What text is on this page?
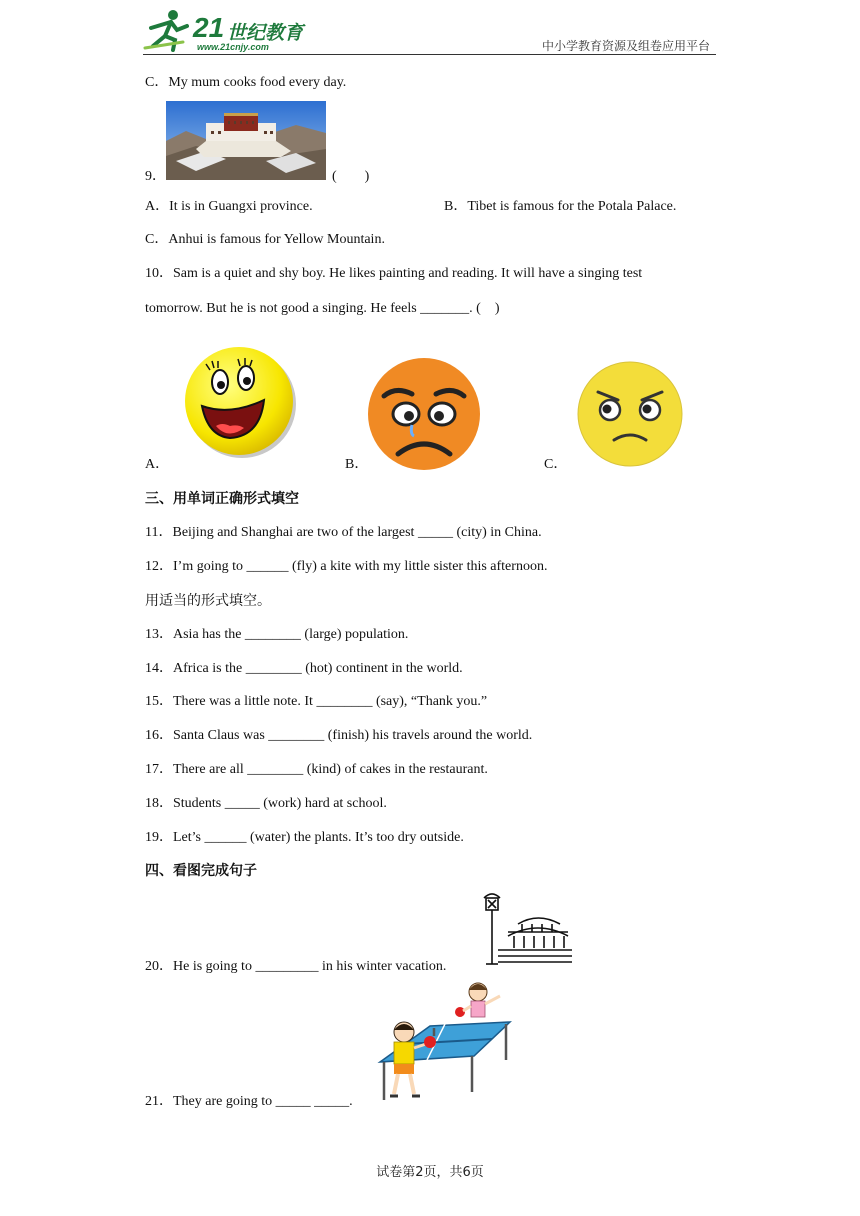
21 世纪教育
www.21cnjy.com	中小学教育资源及组卷应用平台
C．My mum cooks food every day.
9．	(　　)
A．It is in Guangxi province.	B．Tibet is famous for the Potala Palace.
C．Anhui is famous for Yellow Mountain.
10．Sam is a quiet and shy boy. He likes painting and reading. It will have a singing test
tomorrow. But he is not good a singing. He feels _______. (　)
A．	B．	C．
三、用单词正确形式填空
11．Beijing and Shanghai are two of the largest _____ (city) in China.
12．I’m going to ______ (fly) a kite with my little sister this afternoon.
用适当的形式填空。
13．Asia has the ________ (large) population.
14．Africa is the ________ (hot) continent in the world.
15．There was a little note. It ________ (say), “Thank you.”
16．Santa Claus was ________ (finish) his travels around the world.
17．There are all ________ (kind) of cakes in the restaurant.
18．Students _____ (work) hard at school.
19．Let’s ______ (water) the plants. It’s too dry outside.
四、看图完成句子
20．He is going to _________ in his winter vacation.
21．They are going to _____ _____.
试卷第2页，共6页
